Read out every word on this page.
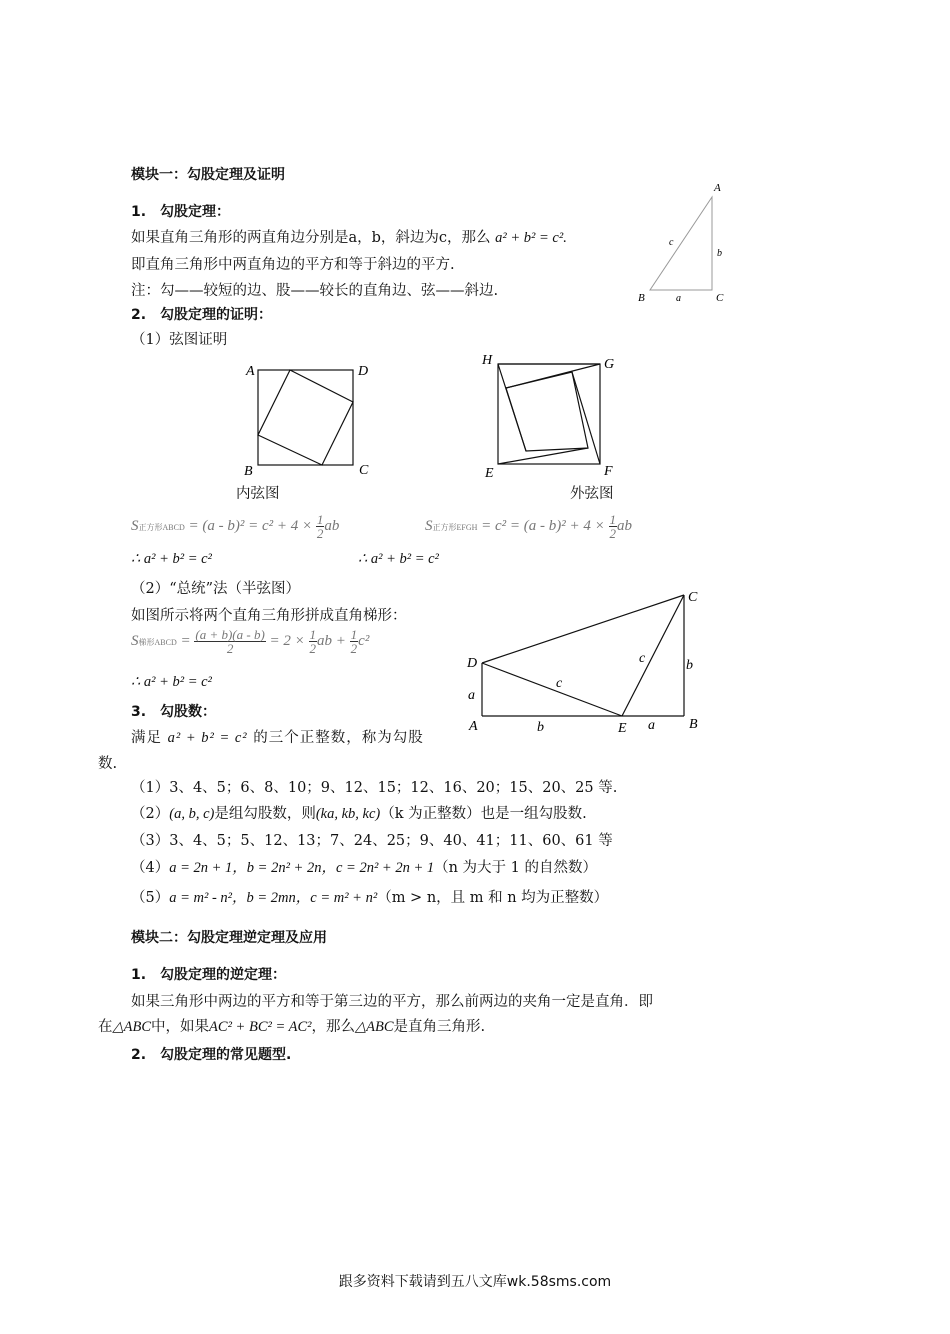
模块一：勾股定理及证明
1.　勾股定理：
如果直角三角形的两直角边分别是a，b，斜边为c，那么 a² + b² = c².
即直角三角形中两直角边的平方和等于斜边的平方.
注：勾——较短的边、股——较长的直角边、弦——斜边.
A
B	C
a
b
c
2.　勾股定理的证明：
（1）弦图证明
A	D
B	C
内弦图
H	G
E	F
外弦图
S正方形ABCD = $(a - b)^2 = c^2 + 4 \times \frac{1}{2}$ ab	S正方形EFGH = $c^2 = (a - b)^2 + 4 \times \frac{1}{2}$ ab
∴ a² + b² = c²	∴ a² + b² = c²
（2）“总统”法（半弦图）
如图所示将两个直角三角形拼成直角梯形：
S梯形ABCD = $\frac{(a + b)(a - b)}{2} = 2 \times \frac{1}{2}$ ab + $\frac{1}{2} c^2$
∴ a² + b² = c²
C
D
A	B
E
a
a
b
b
c
c
3.　勾股数：
满足 a² + b² = c² 的三个正整数，称为勾股
数.
（1）3、4、5；6、8、10；9、12、15；12、16、20；15、20、25 等.
（2）(a, b, c)是组勾股数，则(ka, kb, kc)（k 为正整数）也是一组勾股数.
（3）3、4、5；5、12、13；7、24、25；9、40、41；11、60、61 等
（4）a = 2n + 1，b = 2n² + 2n，c = 2n² + 2n + 1（n 为大于 1 的自然数）
（5）a = m² - n²，b = 2mn，c = m² + n²（m > n，且 m 和 n 均为正整数）
模块二：勾股定理逆定理及应用
1.　勾股定理的逆定理：
如果三角形中两边的平方和等于第三边的平方，那么前两边的夹角一定是直角．即
在△ABC中，如果AC² + BC² = AC²，那么△ABC是直角三角形.
2.　勾股定理的常见题型.
跟多资料下载请到五八文库wk.58sms.com
